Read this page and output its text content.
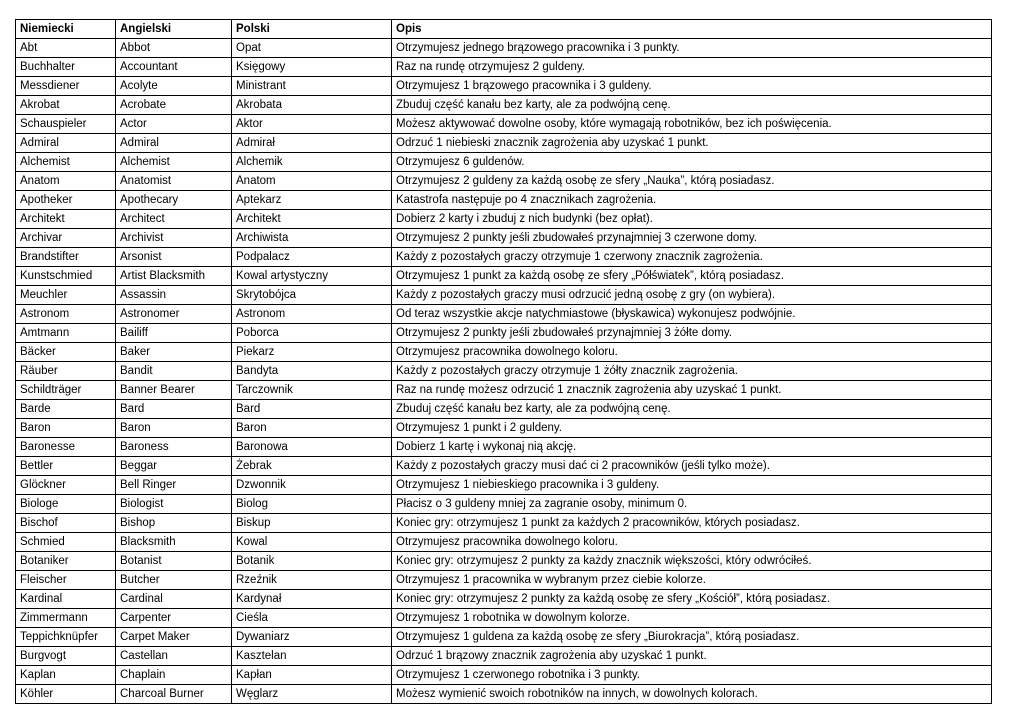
Niemiecki	Angielski	Polski	Opis
Abt	Abbot	Opat	Otrzymujesz jednego brązowego pracownika i 3 punkty.
Buchhalter	Accountant	Księgowy	Raz na rundę otrzymujesz 2 guldeny.
Messdiener	Acolyte	Ministrant	Otrzymujesz 1 brązowego pracownika i 3 guldeny.
Akrobat	Acrobate	Akrobata	Zbuduj część kanału bez karty, ale za podwójną cenę.
Schauspieler	Actor	Aktor	Możesz aktywować dowolne osoby, które wymagają robotników, bez ich poświęcenia.
Admiral	Admiral	Admirał	Odrzuć 1 niebieski znacznik zagrożenia aby uzyskać 1 punkt.
Alchemist	Alchemist	Alchemik	Otrzymujesz 6 guldenów.
Anatom	Anatomist	Anatom	Otrzymujesz 2 guldeny za każdą osobę ze sfery „Nauka”, którą posiadasz.
Apotheker	Apothecary	Aptekarz	Katastrofa następuje po 4 znacznikach zagrożenia.
Architekt	Architect	Architekt	Dobierz 2 karty i zbuduj z nich budynki (bez opłat).
Archivar	Archivist	Archiwista	Otrzymujesz 2 punkty jeśli zbudowałeś przynajmniej 3 czerwone domy.
Brandstifter	Arsonist	Podpalacz	Każdy z pozostałych graczy otrzymuje 1 czerwony znacznik zagrożenia.
Kunstschmied	Artist Blacksmith	Kowal artystyczny	Otrzymujesz 1 punkt za każdą osobę ze sfery „Półświatek”, którą posiadasz.
Meuchler	Assassin	Skrytobójca	Każdy z pozostałych graczy musi odrzucić jedną osobę z gry (on wybiera).
Astronom	Astronomer	Astronom	Od teraz wszystkie akcje natychmiastowe (błyskawica) wykonujesz podwójnie.
Amtmann	Bailiff	Poborca	Otrzymujesz 2 punkty jeśli zbudowałeś przynajmniej 3 żółte domy.
Bäcker	Baker	Piekarz	Otrzymujesz pracownika dowolnego koloru.
Räuber	Bandit	Bandyta	Każdy z pozostałych graczy otrzymuje 1 żółty znacznik zagrożenia.
Schildträger	Banner Bearer	Tarczownik	Raz na rundę możesz odrzucić 1 znacznik zagrożenia aby uzyskać 1 punkt.
Barde	Bard	Bard	Zbuduj część kanału bez karty, ale za podwójną cenę.
Baron	Baron	Baron	Otrzymujesz 1 punkt i 2 guldeny.
Baronesse	Baroness	Baronowa	Dobierz 1 kartę i wykonaj nią akcję.
Bettler	Beggar	Żebrak	Każdy z pozostałych graczy musi dać ci 2 pracowników (jeśli tylko może).
Glöckner	Bell Ringer	Dzwonnik	Otrzymujesz 1 niebieskiego pracownika i 3 guldeny.
Biologe	Biologist	Biolog	Płacisz o 3 guldeny mniej za zagranie osoby, minimum 0.
Bischof	Bishop	Biskup	Koniec gry: otrzymujesz 1 punkt za każdych 2 pracowników, których posiadasz.
Schmied	Blacksmith	Kowal	Otrzymujesz pracownika dowolnego koloru.
Botaniker	Botanist	Botanik	Koniec gry: otrzymujesz 2 punkty za każdy znacznik większości, który odwróciłeś.
Fleischer	Butcher	Rzeźnik	Otrzymujesz 1 pracownika w wybranym przez ciebie kolorze.
Kardinal	Cardinal	Kardynał	Koniec gry: otrzymujesz 2 punkty za każdą osobę ze sfery „Kościół”, którą posiadasz.
Zimmermann	Carpenter	Cieśla	Otrzymujesz 1 robotnika w dowolnym kolorze.
Teppichknüpfer	Carpet Maker	Dywaniarz	Otrzymujesz 1 guldena za każdą osobę ze sfery „Biurokracja”, którą posiadasz.
Burgvogt	Castellan	Kasztelan	Odrzuć 1 brązowy znacznik zagrożenia aby uzyskać 1 punkt.
Kaplan	Chaplain	Kapłan	Otrzymujesz 1 czerwonego robotnika i 3 punkty.
Köhler	Charcoal Burner	Węglarz	Możesz wymienić swoich robotników na innych, w dowolnych kolorach.
